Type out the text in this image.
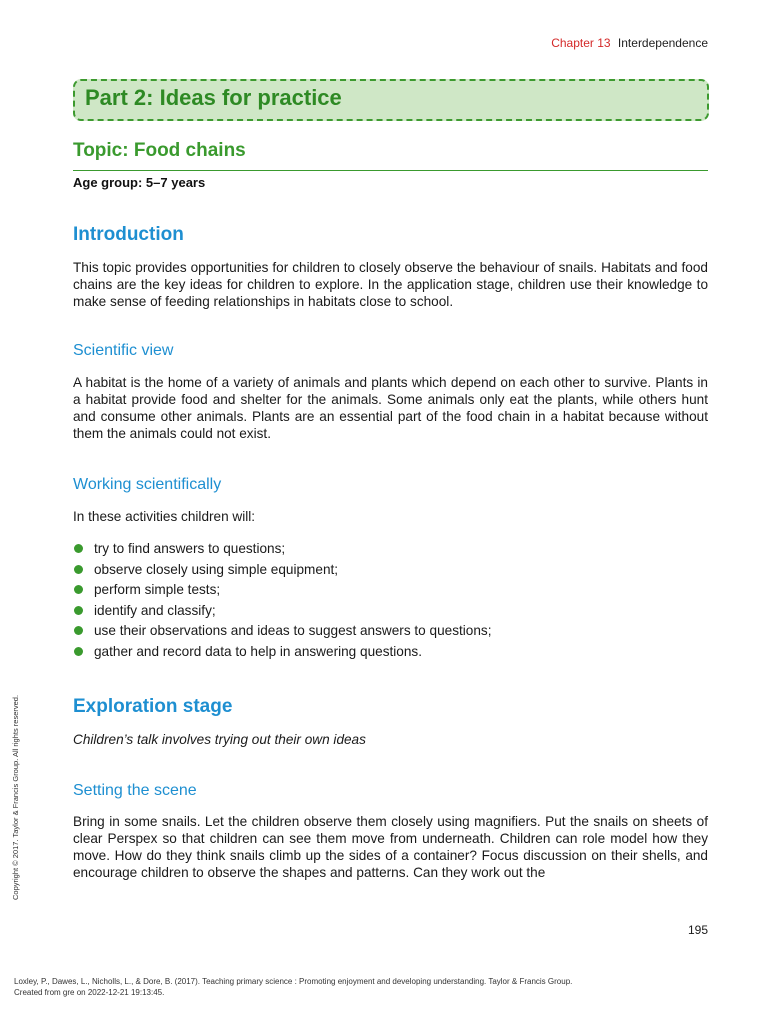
Chapter 13 Interdependence
Part 2: Ideas for practice
Topic: Food chains
Age group: 5–7 years
Introduction
This topic provides opportunities for children to closely observe the behaviour of snails. Habitats and food chains are the key ideas for children to explore. In the application stage, children use their knowledge to make sense of feeding relationships in habitats close to school.
Scientific view
A habitat is the home of a variety of animals and plants which depend on each other to survive. Plants in a habitat provide food and shelter for the animals. Some animals only eat the plants, while others hunt and consume other animals. Plants are an essential part of the food chain in a habitat because without them the animals could not exist.
Working scientifically
In these activities children will:
try to find answers to questions;
observe closely using simple equipment;
perform simple tests;
identify and classify;
use their observations and ideas to suggest answers to questions;
gather and record data to help in answering questions.
Exploration stage
Children’s talk involves trying out their own ideas
Setting the scene
Bring in some snails. Let the children observe them closely using magnifiers. Put the snails on sheets of clear Perspex so that children can see them move from underneath. Children can role model how they move. How do they think snails climb up the sides of a container? Focus discussion on their shells, and encourage children to observe the shapes and patterns. Can they work out the
195
Loxley, P., Dawes, L., Nicholls, L., & Dore, B. (2017). Teaching primary science : Promoting enjoyment and developing understanding. Taylor & Francis Group.
Created from gre on 2022-12-21 19:13:45.
Copyright © 2017. Taylor & Francis Group. All rights reserved.
